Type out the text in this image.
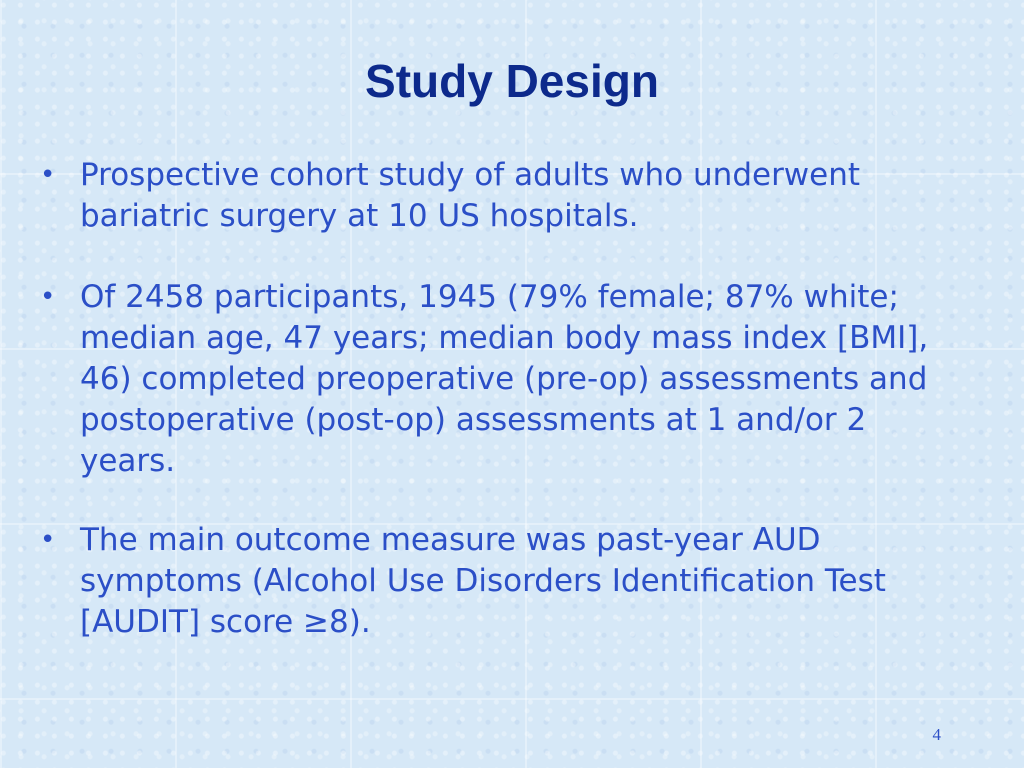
Study Design
• Prospective cohort study of adults who underwent bariatric surgery at 10 US hospitals.
• Of 2458 participants, 1945 (79% female; 87% white; median age, 47 years; median body mass index [BMI], 46) completed preoperative (pre-op) assessments and postoperative (post-op) assessments at 1 and/or 2 years.
• The main outcome measure was past-year AUD symptoms (Alcohol Use Disorders Identification Test [AUDIT] score ≥8).
4
